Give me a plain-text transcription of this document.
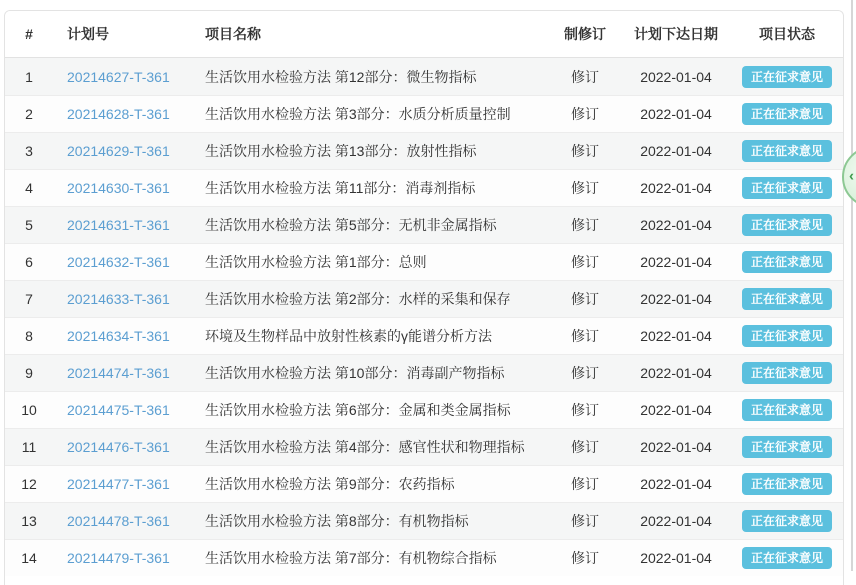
#	计划号	项目名称	制修订	计划下达日期	项目状态
1	20214627-T-361	生活饮用水检验方法 第12部分：微生物指标	修订	2022-01-04	正在征求意见
2	20214628-T-361	生活饮用水检验方法 第3部分：水质分析质量控制	修订	2022-01-04	正在征求意见
3	20214629-T-361	生活饮用水检验方法 第13部分：放射性指标	修订	2022-01-04	正在征求意见
4	20214630-T-361	生活饮用水检验方法 第11部分：消毒剂指标	修订	2022-01-04	正在征求意见
5	20214631-T-361	生活饮用水检验方法 第5部分：无机非金属指标	修订	2022-01-04	正在征求意见
6	20214632-T-361	生活饮用水检验方法 第1部分：总则	修订	2022-01-04	正在征求意见
7	20214633-T-361	生活饮用水检验方法 第2部分：水样的采集和保存	修订	2022-01-04	正在征求意见
8	20214634-T-361	环境及生物样品中放射性核素的γ能谱分析方法	修订	2022-01-04	正在征求意见
9	20214474-T-361	生活饮用水检验方法 第10部分：消毒副产物指标	修订	2022-01-04	正在征求意见
10	20214475-T-361	生活饮用水检验方法 第6部分：金属和类金属指标	修订	2022-01-04	正在征求意见
11	20214476-T-361	生活饮用水检验方法 第4部分：感官性状和物理指标	修订	2022-01-04	正在征求意见
12	20214477-T-361	生活饮用水检验方法 第9部分：农药指标	修订	2022-01-04	正在征求意见
13	20214478-T-361	生活饮用水检验方法 第8部分：有机物指标	修订	2022-01-04	正在征求意见
14	20214479-T-361	生活饮用水检验方法 第7部分：有机物综合指标	修订	2022-01-04	正在征求意见
‹
